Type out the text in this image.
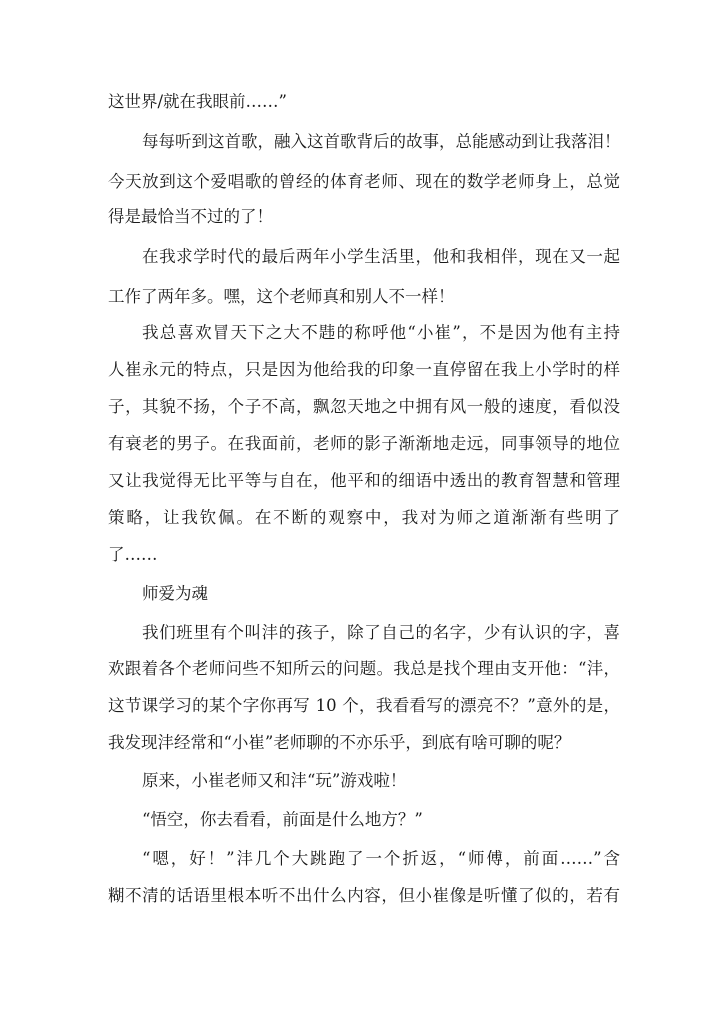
这世界/就在我眼前……”
每每听到这首歌，融入这首歌背后的故事，总能感动到让我落泪！
今天放到这个爱唱歌的曾经的体育老师、现在的数学老师身上，总觉
得是最恰当不过的了！
在我求学时代的最后两年小学生活里，他和我相伴，现在又一起
工作了两年多。嘿，这个老师真和别人不一样！
我总喜欢冒天下之大不韪的称呼他“小崔”，不是因为他有主持
人崔永元的特点，只是因为他给我的印象一直停留在我上小学时的样
子，其貌不扬，个子不高，飘忽天地之中拥有风一般的速度，看似没
有衰老的男子。在我面前，老师的影子渐渐地走远，同事领导的地位
又让我觉得无比平等与自在，他平和的细语中透出的教育智慧和管理
策略，让我钦佩。在不断的观察中，我对为师之道渐渐有些明了
了……
师爱为魂
我们班里有个叫沣的孩子，除了自己的名字，少有认识的字，喜
欢跟着各个老师问些不知所云的问题。我总是找个理由支开他：“沣，
这节课学习的某个字你再写 10 个，我看看写的漂亮不？”意外的是，
我发现沣经常和“小崔”老师聊的不亦乐乎，到底有啥可聊的呢？
原来，小崔老师又和沣“玩”游戏啦！
“悟空，你去看看，前面是什么地方？”
“嗯，好！”沣几个大跳跑了一个折返，“师傅，前面……”含
糊不清的话语里根本听不出什么内容，但小崔像是听懂了似的，若有
